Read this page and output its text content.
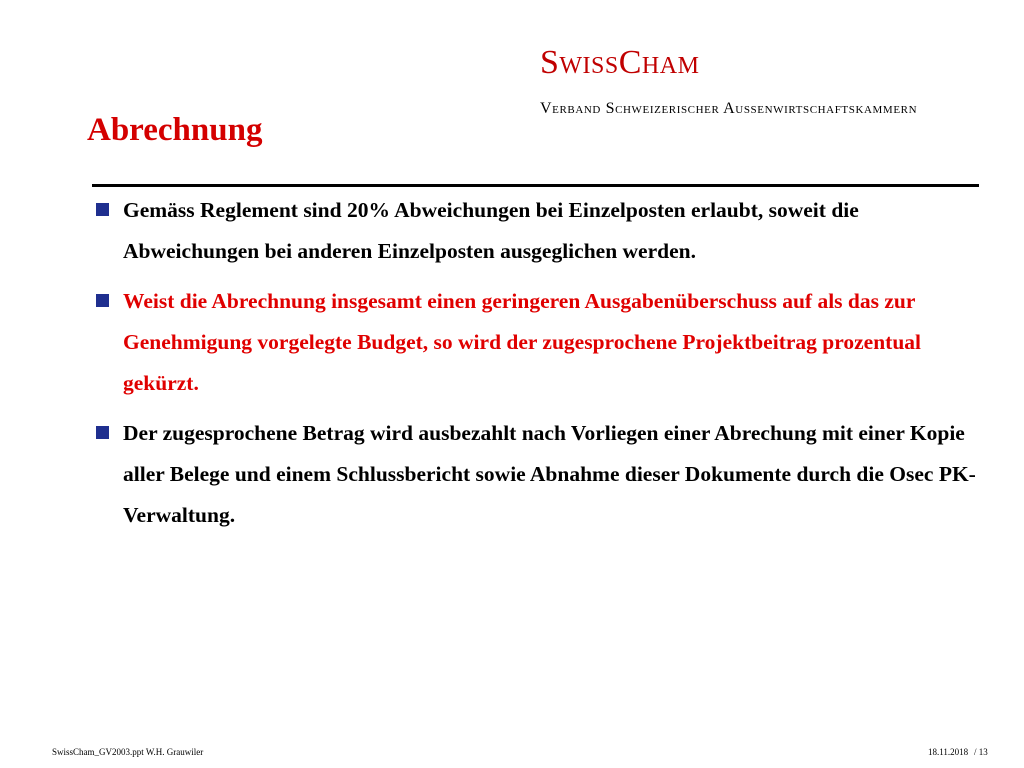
SwissCham
Verband Schweizerischer Aussenwirtschaftskammern
Abrechnung
Gemäss Reglement sind 20% Abweichungen bei Einzelposten erlaubt, soweit die Abweichungen bei anderen Einzelposten ausgeglichen werden.
Weist die Abrechnung insgesamt einen geringeren Ausgabenüberschuss auf als das zur Genehmigung vorgelegte Budget, so wird der zugesprochene Projektbeitrag prozentual gekürzt.
Der zugesprochene Betrag wird ausbezahlt nach Vorliegen einer Abrechung mit einer Kopie aller Belege und einem Schlussbericht sowie Abnahme dieser Dokumente durch die Osec PK-Verwaltung.
SwissCham_GV2003.ppt W.H. Grauwiler	18.11.2018 / 13
